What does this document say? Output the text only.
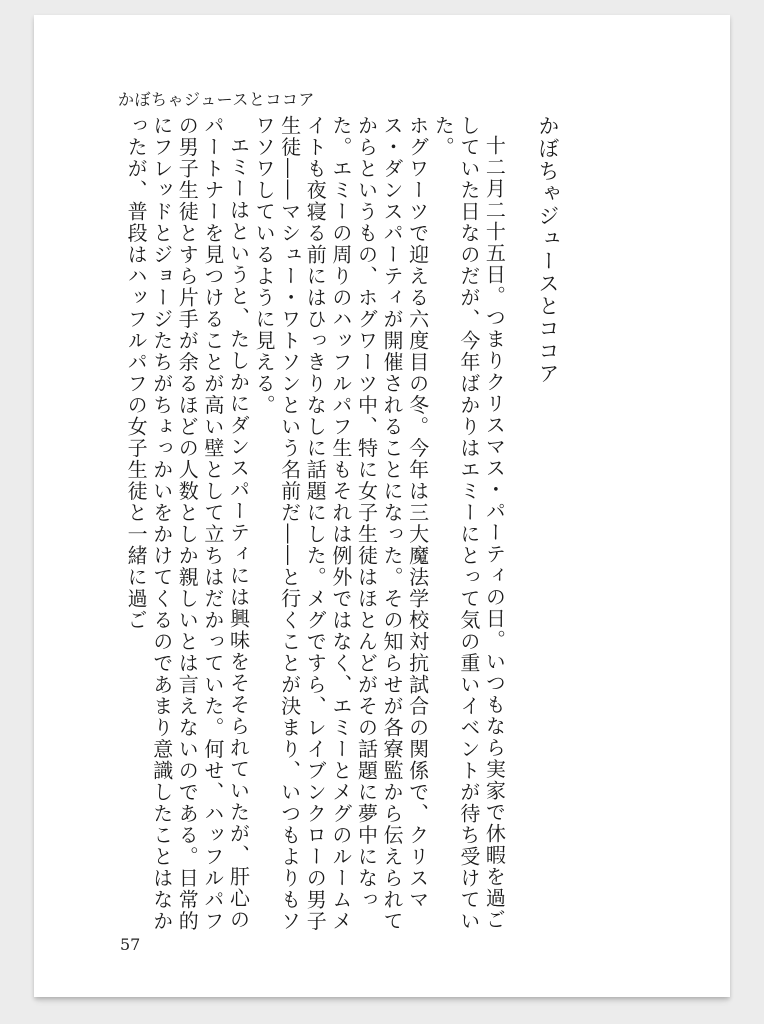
かぼちゃジュースとココア
かぼちゃジュースとココア

十二月二十五日。つまりクリスマス・パーティの日。いつもなら実家で休暇を過ごしていた日なのだが、今年ばかりはエミーにとって気の重いイベントが待ち受けていた。

ホグワーツで迎える六度目の冬。今年は三大魔法学校対抗試合の関係で、クリスマス・ダンスパーティが開催されることになった。その知らせが各寮監から伝えられてからというもの、ホグワーツ中、特に女子生徒はほとんどがその話題に夢中になった。エミーの周りのハッフルパフ生もそれは例外ではなく、エミーとメグのルームメイトも夜寝る前にはひっきりなしに話題にした。メグですら、レイブンクローの男子生徒――マシュー・ワトソンという名前だ――と行くことが決まり、いつもよりもソワソワしているように見える。

エミーはというと、たしかにダンスパーティには興味をそそられていたが、肝心のパートナーを見つけることが高い壁として立ちはだかっていた。何せ、ハッフルパフの男子生徒とすら片手が余るほどの人数としか親しいとは言えないのである。日常的にフレッドとジョージたちがちょっかいをかけてくるのであまり意識したことはなかったが、普段はハッフルパフの女子生徒と一緒に過ご

57
